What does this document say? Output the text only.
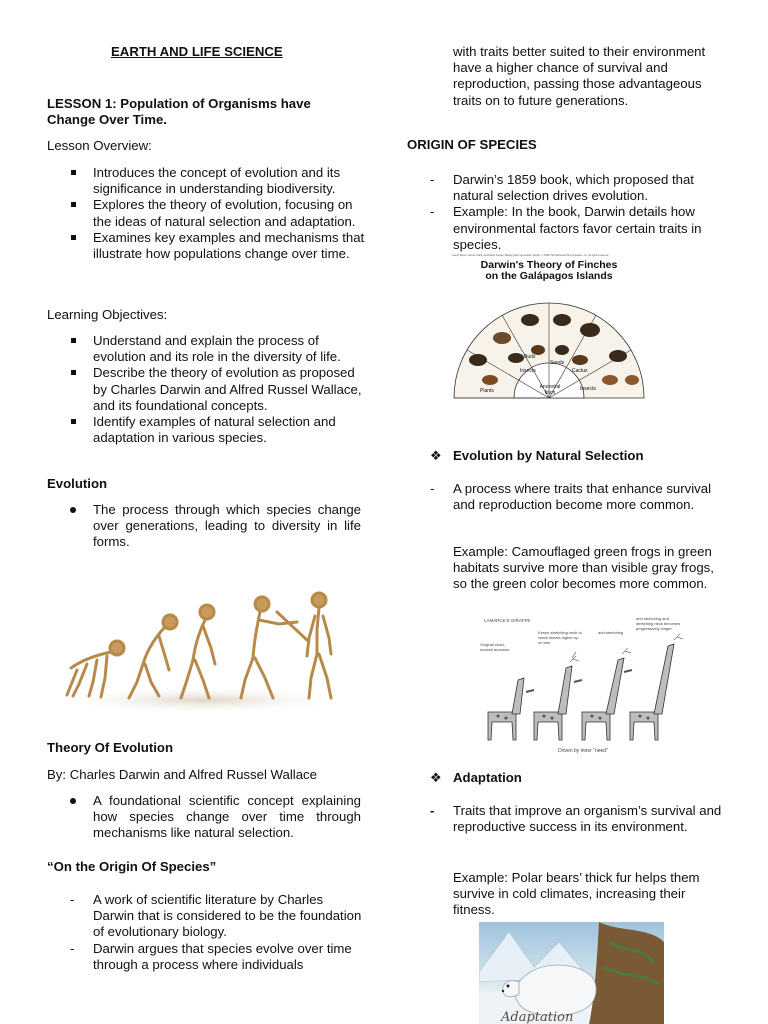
EARTH AND LIFE SCIENCE
LESSON 1: Population of Organisms have Change Over Time.
Lesson Overview:
Introduces the concept of evolution and its significance in understanding biodiversity.
Explores the theory of evolution, focusing on the ideas of natural selection and adaptation.
Examines key examples and mechanisms that illustrate how populations change over time.
Learning Objectives:
Understand and explain the process of evolution and its role in the diversity of life.
Describe the theory of evolution as proposed by Charles Darwin and Alfred Russel Wallace, and its foundational concepts.
Identify examples of natural selection and adaptation in various species.
Evolution
The process through which species change over generations, leading to diversity in life forms.
Theory Of Evolution
By: Charles Darwin and Alfred Russel Wallace
A foundational scientific concept explaining how species change over time through mechanisms like natural selection.
“On the Origin Of Species”
- A work of scientific literature by Charles Darwin that is considered to be the foundation of evolutionary biology.
- Darwin argues that species evolve over time through a process where individuals
with traits better suited to their environment have a higher chance of survival and reproduction, passing those advantageous traits on to future generations.
ORIGIN OF SPECIES
- Darwin’s 1859 book, which proposed that natural selection drives evolution.
- Example: In the book, Darwin details how environmental factors favor certain traits in species.
Gandy Boxer, Garner Clark, and Darrel Jordan, Biology Next Generation Library. © 1998 The McGraw-Hill Companies, Inc. All rights reserved.
Darwin's Theory of Finches
on the Galápagos Islands
Plants
Ancestral finch
Insects
Cactus
Seeds
Insects
Buds
❖ Evolution by Natural Selection
- A process where traits that enhance survival and reproduction become more common.
Example: Camouflaged green frogs in green habitats survive more than visible gray frogs, so the green color becomes more common.
LAMARCK'S GIRAFFE
Original short-necked ancestor
Keeps stretching neck to reach leaves higher up on tree
and stretching
and stretching and stretching neck becomes progressively longer
Driven by inner "need"
❖ Adaptation
- Traits that improve an organism’s survival and reproductive success in its environment.
Example: Polar bears’ thick fur helps them survive in cold climates, increasing their fitness.
Adaptation
